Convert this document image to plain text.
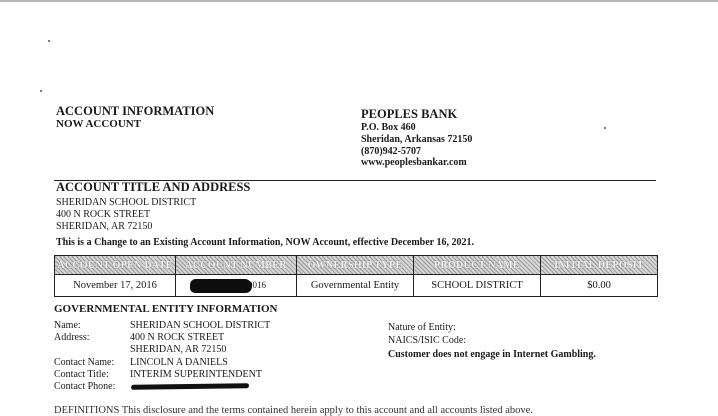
ACCOUNT INFORMATION
NOW ACCOUNT
PEOPLES BANK
P.O. Box 460
Sheridan, Arkansas 72150
(870)942-5707
www.peoplesbankar.com
ACCOUNT TITLE AND ADDRESS
SHERIDAN SCHOOL DISTRICT
400 N ROCK STREET
SHERIDAN, AR 72150
This is a Change to an Existing Account Information, NOW Account, effective December 16, 2021.
ACCOUNT OPEN DATE	ACCOUNT NUMBER	OWNERSHIP TYPE	PRODUCT NAME	INITIAL DEPOSIT
November 17, 2016	0016	Governmental Entity	SCHOOL DISTRICT	$0.00
GOVERNMENTAL ENTITY INFORMATION
Name:	SHERIDAN SCHOOL DISTRICT
Address:	400 N ROCK STREET
SHERIDAN, AR 72150
Contact Name: LINCOLN A DANIELS
Contact Title: INTERIM SUPERINTENDENT
Contact Phone:
Nature of Entity:
NAICS/ISIC Code:
Customer does not engage in Internet Gambling.
DEFINITIONS This disclosure and the terms contained herein apply to this account and all accounts listed above.
